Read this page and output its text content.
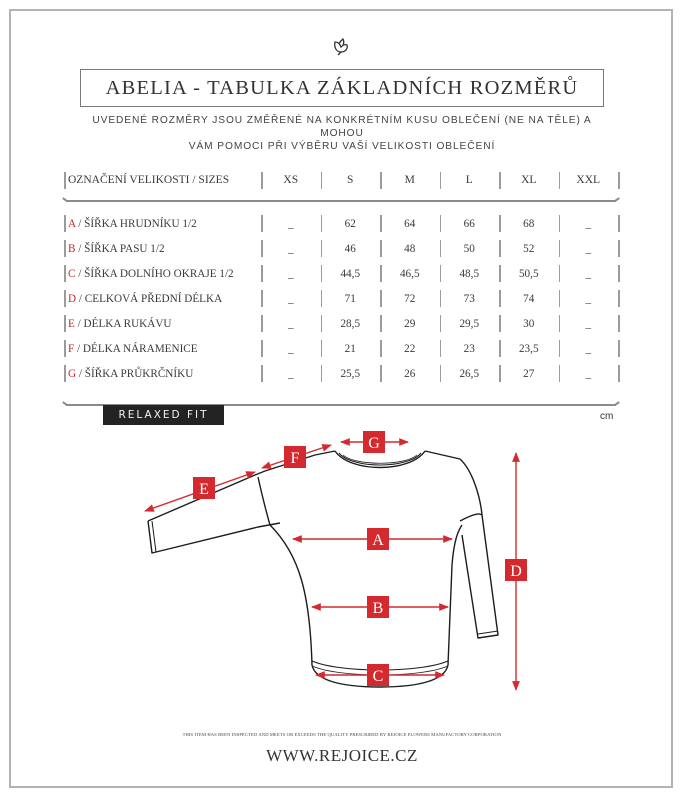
ABELIA - TABULKA ZÁKLADNÍCH ROZMĚRŮ
UVEDENÉ ROZMĚRY JSOU ZMĚŘENÉ NA KONKRÉTNÍM KUSU OBLEČENÍ (NE NA TĚLE) A MOHOU
VÁM POMOCI PŘI VÝBĚRU VAŠÍ VELIKOSTI OBLEČENÍ
OZNAČENÍ VELIKOSTI / SIZES	XS	S	M	L	XL	XXL
A / ŠÍŘKA HRUDNÍKU 1/2	_	62	64	66	68	_
B / ŠÍŘKA PASU 1/2	_	46	48	50	52	_
C / ŠÍŘKA DOLNÍHO OKRAJE 1/2	_	44,5	46,5	48,5	50,5	_
D / CELKOVÁ PŘEDNÍ DÉLKA	_	71	72	73	74	_
E / DÉLKA RUKÁVU	_	28,5	29	29,5	30	_
F / DÉLKA NÁRAMENICE	_	21	22	23	23,5	_
G / ŠÍŘKA PRŮKRČNÍKU	_	25,5	26	26,5	27	_
RELAXED FIT	cm
A
B
C
D
E
F
G
THIS ITEM HAS BEEN INSPECTED AND MEETS OR EXCEEDS THE QUALITY PRESCRIBED BY REJOICE FLOWERS MANUFACTORY CORPORATION
WWW.REJOICE.CZ
